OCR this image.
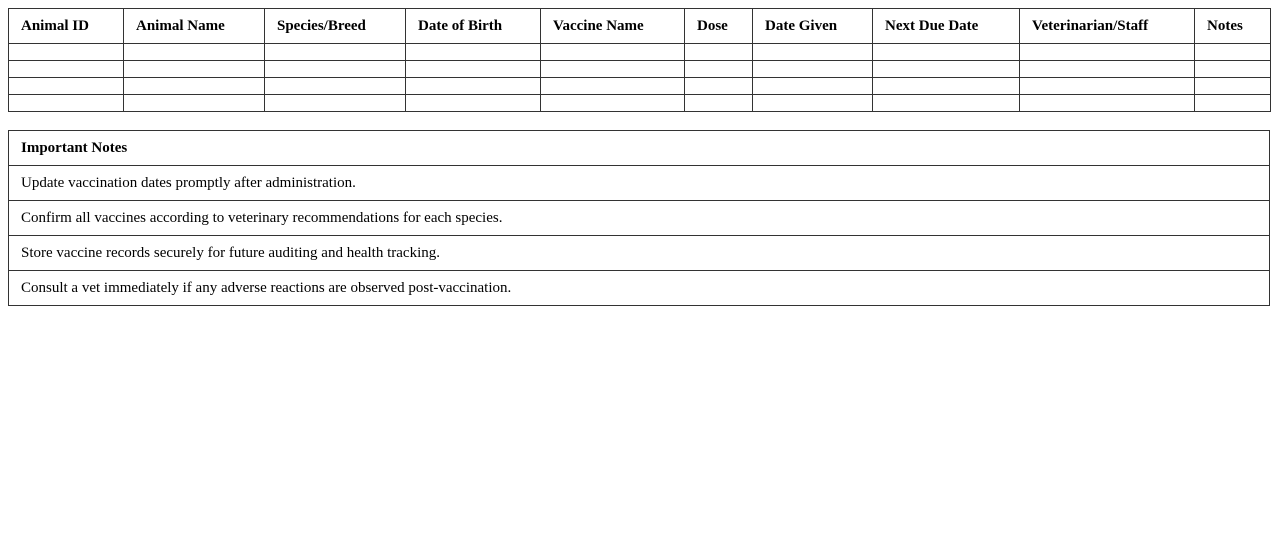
Animal ID	Animal Name	Species/Breed	Date of Birth	Vaccine Name	Dose	Date Given	Next Due Date	Veterinarian/Staff	Notes

Important Notes
Update vaccination dates promptly after administration.
Confirm all vaccines according to veterinary recommendations for each species.
Store vaccine records securely for future auditing and health tracking.
Consult a vet immediately if any adverse reactions are observed post-vaccination.
